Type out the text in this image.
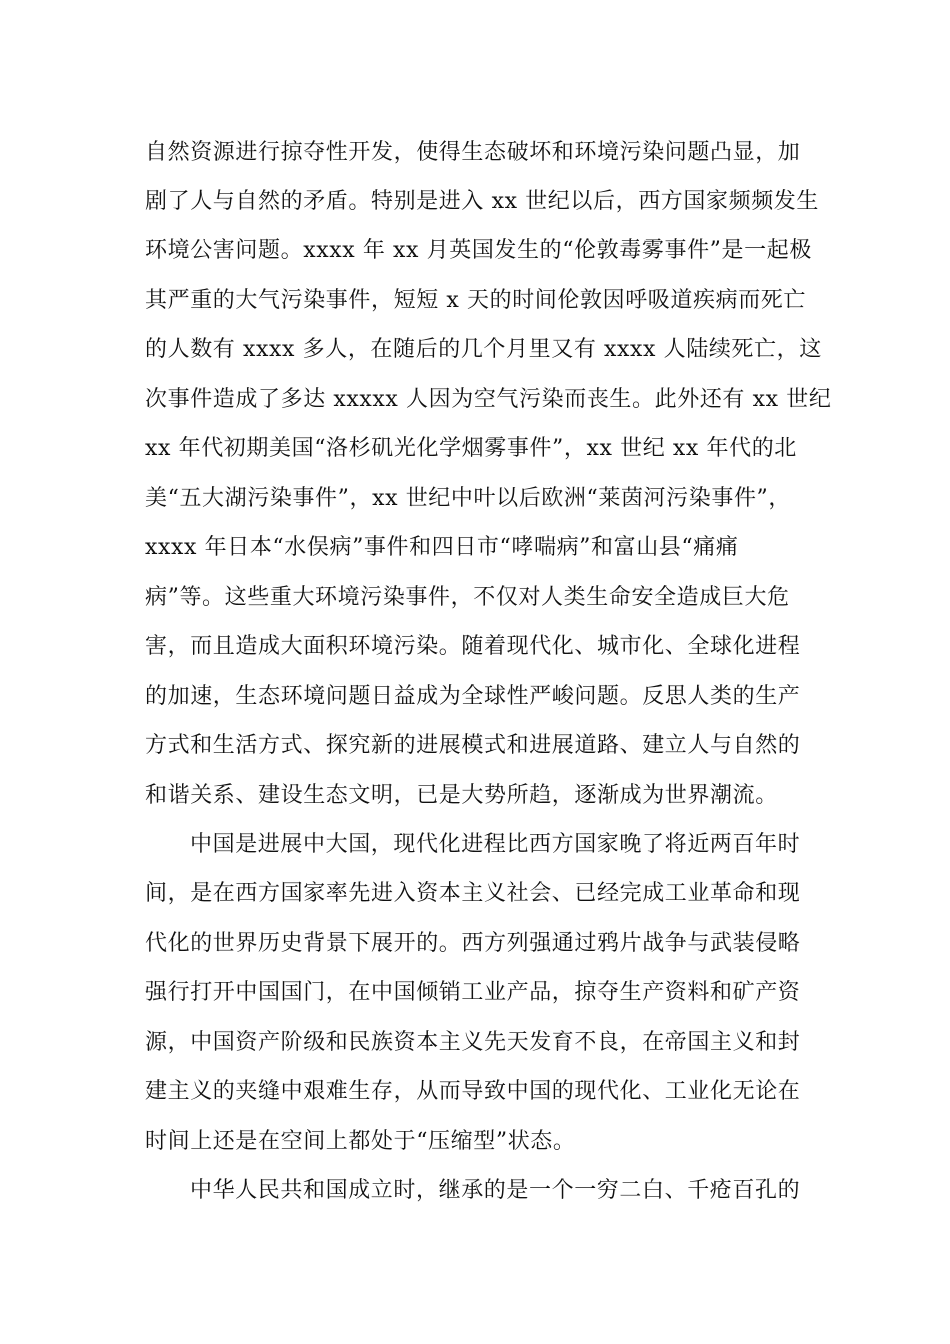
自然资源进行掠夺性开发，使得生态破坏和环境污染问题凸显，加
剧了人与自然的矛盾。特别是进入 xx 世纪以后，西方国家频频发生
环境公害问题。xxxx 年 xx 月英国发生的“伦敦毒雾事件”是一起极
其严重的大气污染事件，短短 x 天的时间伦敦因呼吸道疾病而死亡
的人数有 xxxx 多人，在随后的几个月里又有 xxxx 人陆续死亡，这
次事件造成了多达 xxxxx 人因为空气污染而丧生。此外还有 xx 世纪
xx 年代初期美国“洛杉矶光化学烟雾事件”，xx 世纪 xx 年代的北
美“五大湖污染事件”，xx 世纪中叶以后欧洲“莱茵河污染事件”，
xxxx 年日本“水俣病”事件和四日市“哮喘病”和富山县“痛痛
病”等。这些重大环境污染事件，不仅对人类生命安全造成巨大危
害，而且造成大面积环境污染。随着现代化、城市化、全球化进程
的加速，生态环境问题日益成为全球性严峻问题。反思人类的生产
方式和生活方式、探究新的进展模式和进展道路、建立人与自然的
和谐关系、建设生态文明，已是大势所趋，逐渐成为世界潮流。
中国是进展中大国，现代化进程比西方国家晚了将近两百年时
间，是在西方国家率先进入资本主义社会、已经完成工业革命和现
代化的世界历史背景下展开的。西方列强通过鸦片战争与武装侵略
强行打开中国国门，在中国倾销工业产品，掠夺生产资料和矿产资
源，中国资产阶级和民族资本主义先天发育不良，在帝国主义和封
建主义的夹缝中艰难生存，从而导致中国的现代化、工业化无论在
时间上还是在空间上都处于“压缩型”状态。
中华人民共和国成立时，继承的是一个一穷二白、千疮百孔的
